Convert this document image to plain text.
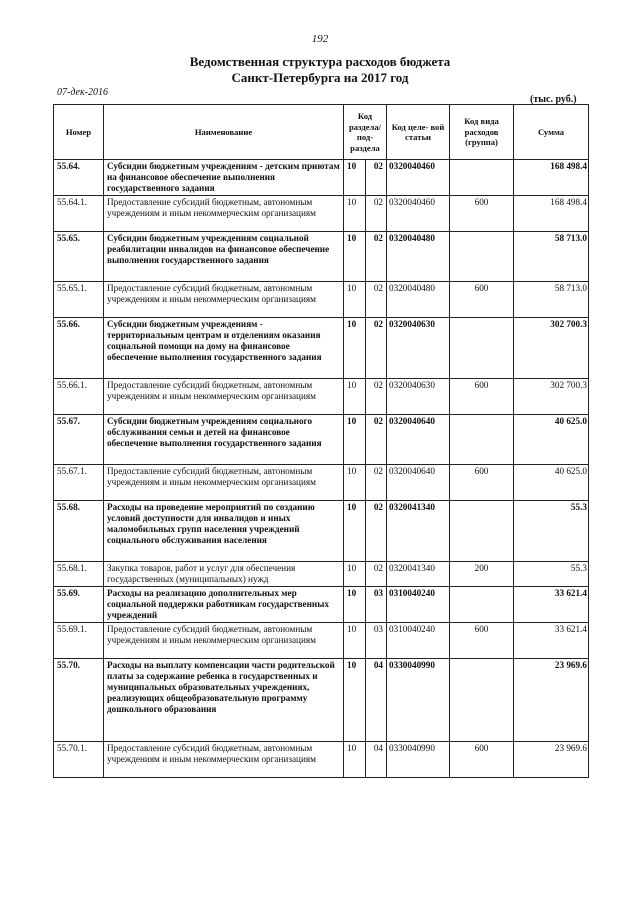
192
Ведомственная структура расходов бюджета
Санкт-Петербурга на 2017 год
07-дек-2016
(тыс. руб.)
Номер	Наименование	Код раздела/ под- раздела		Код целе- вой статьи	Код вида расходов (группа)	Сумма
55.64.	Субсидии бюджетным учреждениям - детским приютам на финансовое обеспечение выполнения государственного задания	10	02	0320040460		168 498.4
55.64.1.	Предоставление субсидий бюджетным, автономным учреждениям и иным некоммерческим организациям	10	02	0320040460	600	168 498.4
55.65.	Субсидии бюджетным учреждениям социальной реабилитации инвалидов на финансовое обеспечение выполнения государственного задания	10	02	0320040480		58 713.0
55.65.1.	Предоставление субсидий бюджетным, автономным учреждениям и иным некоммерческим организациям	10	02	0320040480	600	58 713.0
55.66.	Субсидии бюджетным учреждениям - территориальным центрам и отделениям оказания социальной помощи на дому на финансовое обеспечение выполнения государственного задания	10	02	0320040630		302 700.3
55.66.1.	Предоставление субсидий бюджетным, автономным учреждениям и иным некоммерческим организациям	10	02	0320040630	600	302 700.3
55.67.	Субсидии бюджетным учреждениям социального обслуживания семьи и детей на финансовое обеспечение выполнения государственного задания	10	02	0320040640		40 625.0
55.67.1.	Предоставление субсидий бюджетным, автономным учреждениям и иным некоммерческим организациям	10	02	0320040640	600	40 625.0
55.68.	Расходы на проведение мероприятий по созданию условий доступности для инвалидов и иных маломобильных групп населения учреждений социального обслуживания населения	10	02	0320041340		55.3
55.68.1.	Закупка товаров, работ и услуг для обеспечения государственных (муниципальных) нужд	10	02	0320041340	200	55.3
55.69.	Расходы на реализацию дополнительных мер социальной поддержки работникам государственных учреждений	10	03	0310040240		33 621.4
55.69.1.	Предоставление субсидий бюджетным, автономным учреждениям и иным некоммерческим организациям	10	03	0310040240	600	33 621.4
55.70.	Расходы на выплату компенсации части родительской платы за содержание ребенка в государственных и муниципальных образовательных учреждениях, реализующих общеобразовательную программу дошкольного образования	10	04	0330040990		23 969.6
55.70.1.	Предоставление субсидий бюджетным, автономным учреждениям и иным некоммерческим организациям	10	04	0330040990	600	23 969.6
